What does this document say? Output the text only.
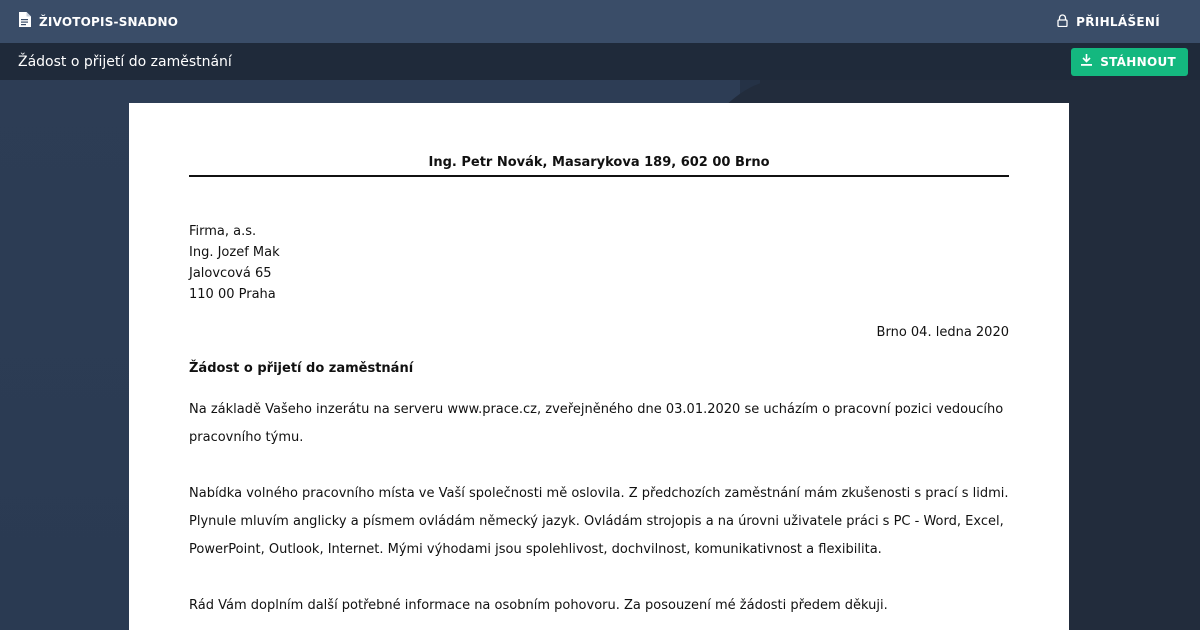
ŽIVOTOPIS-SNADNO	PŘIHLÁŠENÍ
Žádost o přijetí do zaměstnání	STÁHNOUT
Ing. Petr Novák, Masarykova 189, 602 00 Brno
Firma, a.s.
Ing. Jozef Mak
Jalovcová 65
110 00 Praha
Brno 04. ledna 2020
Žádost o přijetí do zaměstnání

Na základě Vašeho inzerátu na serveru www.prace.cz, zveřejněného dne 03.01.2020 se ucházím o pracovní pozici vedoucího pracovního týmu.

Nabídka volného pracovního místa ve Vaší společnosti mě oslovila. Z předchozích zaměstnání mám zkušenosti s prací s lidmi. Plynule mluvím anglicky a písmem ovládám německý jazyk. Ovládám strojopis a na úrovni uživatele práci s PC - Word, Excel, PowerPoint, Outlook, Internet. Mými výhodami jsou spolehlivost, dochvilnost, komunikativnost a flexibilita.

Rád Vám doplním další potřebné informace na osobním pohovoru. Za posouzení mé žádosti předem děkuji.
